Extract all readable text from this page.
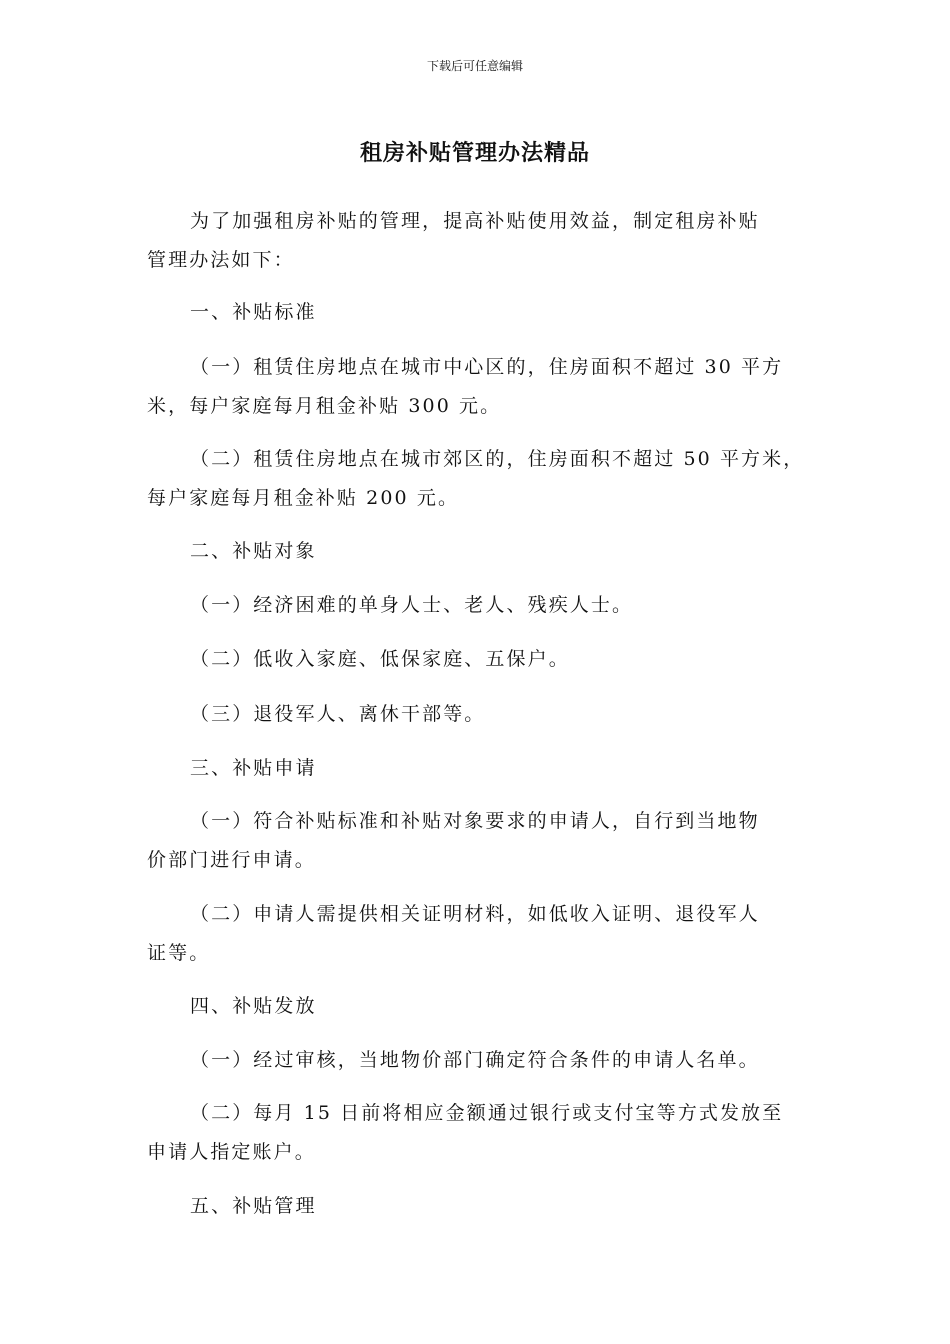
下载后可任意编辑
租房补贴管理办法精品
为了加强租房补贴的管理，提高补贴使用效益，制定租房补贴
管理办法如下：
一、补贴标准
（一）租赁住房地点在城市中心区的，住房面积不超过 30 平方
米，每户家庭每月租金补贴 300 元。
（二）租赁住房地点在城市郊区的，住房面积不超过 50 平方米，
每户家庭每月租金补贴 200 元。
二、补贴对象
（一）经济困难的单身人士、老人、残疾人士。
（二）低收入家庭、低保家庭、五保户。
（三）退役军人、离休干部等。
三、补贴申请
（一）符合补贴标准和补贴对象要求的申请人，自行到当地物
价部门进行申请。
（二）申请人需提供相关证明材料，如低收入证明、退役军人
证等。
四、补贴发放
（一）经过审核，当地物价部门确定符合条件的申请人名单。
（二）每月 15 日前将相应金额通过银行或支付宝等方式发放至
申请人指定账户。
五、补贴管理
